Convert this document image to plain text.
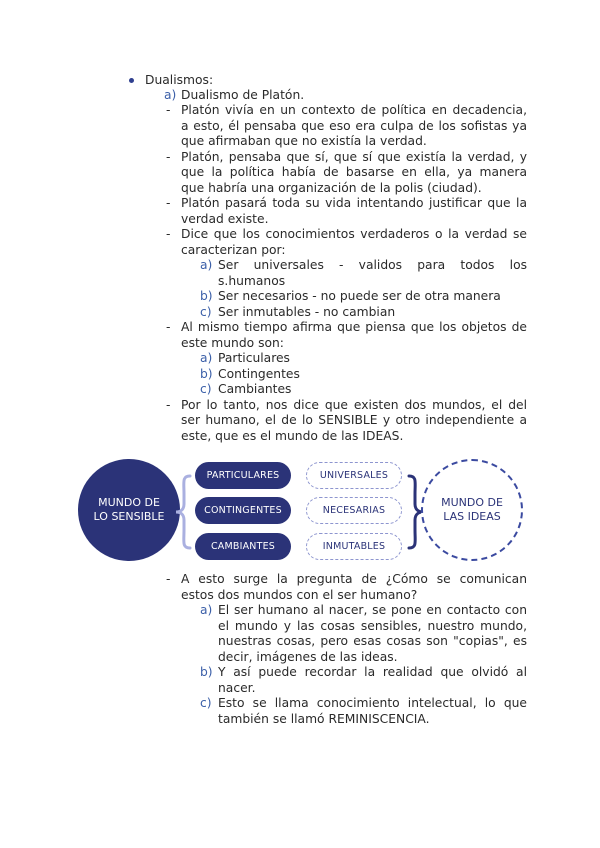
Dualismos:
a) Dualismo de Platón.
- Platón vivía en un contexto de política en decadencia,
a esto, él pensaba que eso era culpa de los sofistas ya
que afirmaban que no existía la verdad.
- Platón, pensaba que sí, que sí que existía la verdad, y
que la política había de basarse en ella, ya manera
que habría una organización de la polis (ciudad).
- Platón pasará toda su vida intentando justificar que la
verdad existe.
- Dice que los conocimientos verdaderos o la verdad se
caracterizan por:
a) Ser universales - validos para todos los
s.humanos
b) Ser necesarios - no puede ser de otra manera
c) Ser inmutables - no cambian
- Al mismo tiempo afirma que piensa que los objetos de
este mundo son:
a) Particulares
b) Contingentes
c) Cambiantes
- Por lo tanto, nos dice que existen dos mundos, el del
ser humano, el de lo SENSIBLE y otro independiente a
este, que es el mundo de las IDEAS.
MUNDO DE
LO SENSIBLE
PARTICULARES
CONTINGENTES
CAMBIANTES
UNIVERSALES
NECESARIAS
INMUTABLES
MUNDO DE
LAS IDEAS
- A esto surge la pregunta de ¿Cómo se comunican
estos dos mundos con el ser humano?
a) El ser humano al nacer, se pone en contacto con
el mundo y las cosas sensibles, nuestro mundo,
nuestras cosas, pero esas cosas son "copias", es
decir, imágenes de las ideas.
b) Y así puede recordar la realidad que olvidó al
nacer.
c) Esto se llama conocimiento intelectual, lo que
también se llamó REMINISCENCIA.
